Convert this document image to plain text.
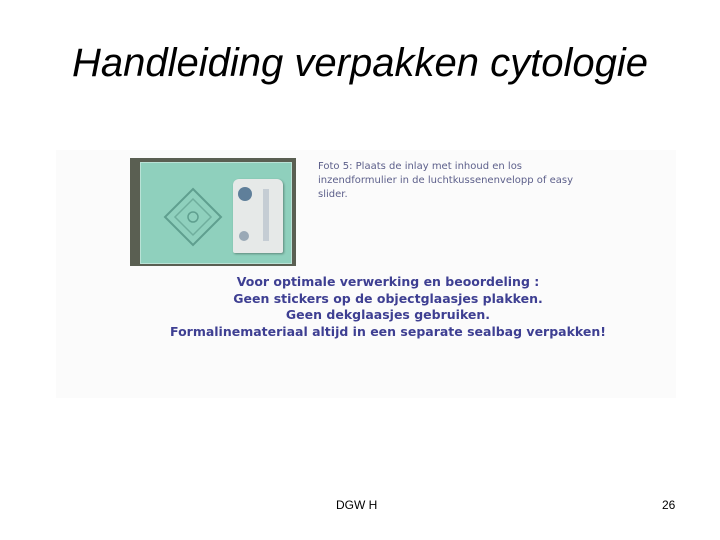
Handleiding verpakken cytologie
Foto 5: Plaats de inlay met inhoud en los
inzendformulier in de luchtkussenenvelopp of easy
slider.
Voor optimale verwerking en beoordeling :
Geen stickers op de objectglaasjes plakken.
Geen dekglaasjes gebruiken.
Formalinemateriaal altijd in een separate sealbag verpakken!
DGW H	26
